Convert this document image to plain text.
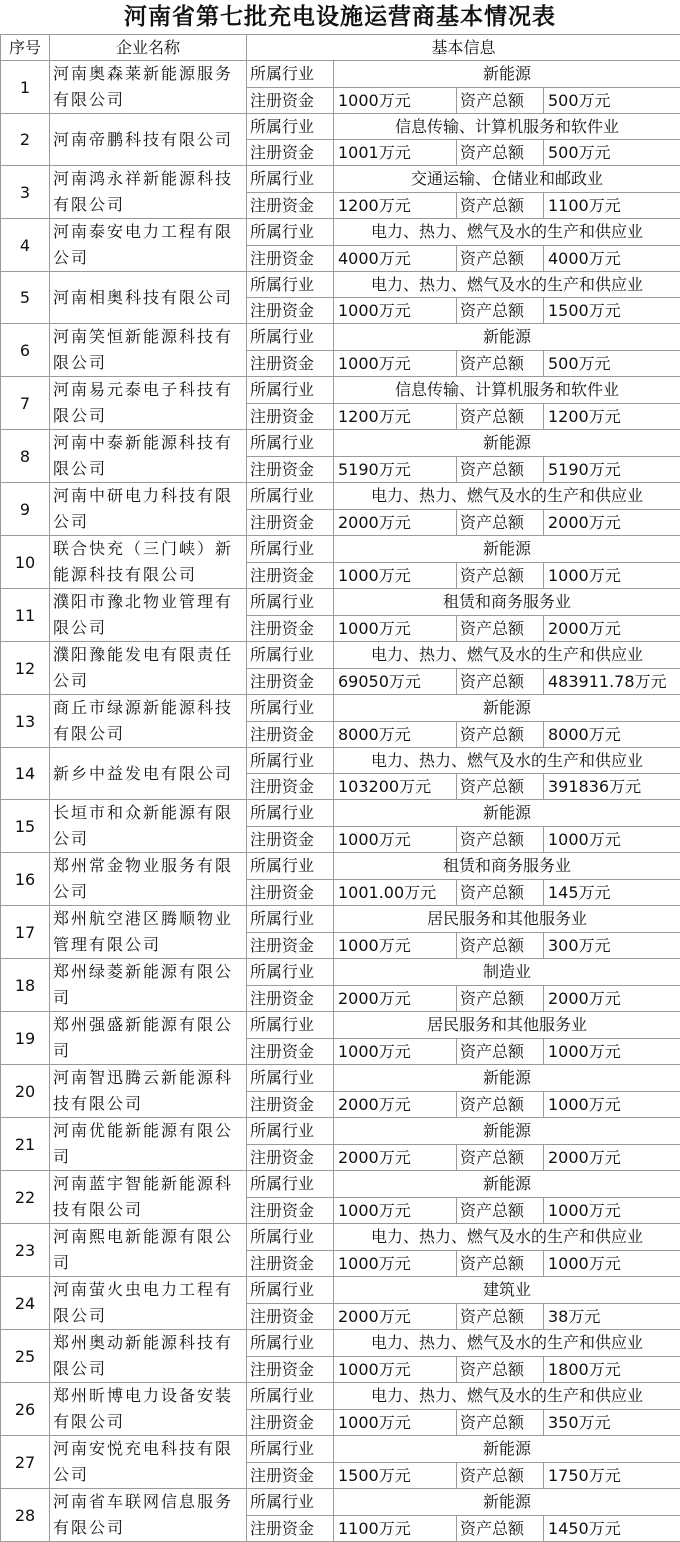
河南省第七批充电设施运营商基本情况表
序号	企业名称	基本信息			
1	河南奥森莱新能源服务有限公司	所属行业	新能源		
		注册资金	1000万元	资产总额	500万元
2	河南帝鹏科技有限公司	所属行业	信息传输、计算机服务和软件业		
		注册资金	1001万元	资产总额	500万元
3	河南鸿永祥新能源科技有限公司	所属行业	交通运输、仓储业和邮政业		
		注册资金	1200万元	资产总额	1100万元
4	河南泰安电力工程有限公司	所属行业	电力、热力、燃气及水的生产和供应业		
		注册资金	4000万元	资产总额	4000万元
5	河南相奥科技有限公司	所属行业	电力、热力、燃气及水的生产和供应业		
		注册资金	1000万元	资产总额	1500万元
6	河南笑恒新能源科技有限公司	所属行业	新能源		
		注册资金	1000万元	资产总额	500万元
7	河南易元泰电子科技有限公司	所属行业	信息传输、计算机服务和软件业		
		注册资金	1200万元	资产总额	1200万元
8	河南中泰新能源科技有限公司	所属行业	新能源		
		注册资金	5190万元	资产总额	5190万元
9	河南中研电力科技有限公司	所属行业	电力、热力、燃气及水的生产和供应业		
		注册资金	2000万元	资产总额	2000万元
10	联合快充（三门峡）新能源科技有限公司	所属行业	新能源		
		注册资金	1000万元	资产总额	1000万元
11	濮阳市豫北物业管理有限公司	所属行业	租赁和商务服务业		
		注册资金	1000万元	资产总额	2000万元
12	濮阳豫能发电有限责任公司	所属行业	电力、热力、燃气及水的生产和供应业		
		注册资金	69050万元	资产总额	483911.78万元
13	商丘市绿源新能源科技有限公司	所属行业	新能源		
		注册资金	8000万元	资产总额	8000万元
14	新乡中益发电有限公司	所属行业	电力、热力、燃气及水的生产和供应业		
		注册资金	103200万元	资产总额	391836万元
15	长垣市和众新能源有限公司	所属行业	新能源		
		注册资金	1000万元	资产总额	1000万元
16	郑州常金物业服务有限公司	所属行业	租赁和商务服务业		
		注册资金	1001.00万元	资产总额	145万元
17	郑州航空港区腾顺物业管理有限公司	所属行业	居民服务和其他服务业		
		注册资金	1000万元	资产总额	300万元
18	郑州绿菱新能源有限公司	所属行业	制造业		
		注册资金	2000万元	资产总额	2000万元
19	郑州强盛新能源有限公司	所属行业	居民服务和其他服务业		
		注册资金	1000万元	资产总额	1000万元
20	河南智迅腾云新能源科技有限公司	所属行业	新能源		
		注册资金	2000万元	资产总额	1000万元
21	河南优能新能源有限公司	所属行业	新能源		
		注册资金	2000万元	资产总额	2000万元
22	河南蓝宇智能新能源科技有限公司	所属行业	新能源		
		注册资金	1000万元	资产总额	1000万元
23	河南熙电新能源有限公司	所属行业	电力、热力、燃气及水的生产和供应业		
		注册资金	1000万元	资产总额	1000万元
24	河南萤火虫电力工程有限公司	所属行业	建筑业		
		注册资金	2000万元	资产总额	38万元
25	郑州奥动新能源科技有限公司	所属行业	电力、热力、燃气及水的生产和供应业		
		注册资金	1000万元	资产总额	1800万元
26	郑州昕博电力设备安装有限公司	所属行业	电力、热力、燃气及水的生产和供应业		
		注册资金	1000万元	资产总额	350万元
27	河南安悦充电科技有限公司	所属行业	新能源		
		注册资金	1500万元	资产总额	1750万元
28	河南省车联网信息服务有限公司	所属行业	新能源		
		注册资金	1100万元	资产总额	1450万元
